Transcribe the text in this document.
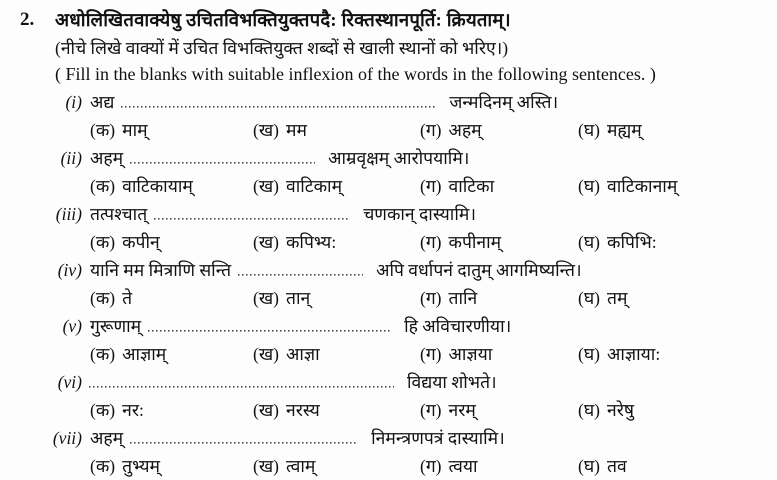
2. अधोलिखितवाक्येषु उचितविभक्तियुक्तपदै: रिक्तस्थानपूर्ति: क्रियताम्।
(नीचे लिखे वाक्यों में उचित विभक्तियुक्त शब्दों से खाली स्थानों को भरिए।)
( Fill in the blanks with suitable inflexion of the words in the following sentences. )
(i) अद्य	जन्मदिनम् अस्ति।
(क) माम्	(ख) मम	(ग) अहम्	(घ) मह्यम्
(ii) अहम्	आम्रवृक्षम् आरोपयामि।
(क) वाटिकायाम्	(ख) वाटिकाम्	(ग) वाटिका	(घ) वाटिकानाम्
(iii) तत्पश्चात्	चणकान् दास्यामि।
(क) कपीन्	(ख) कपिभ्य:	(ग) कपीनाम्	(घ) कपिभि:
(iv) यानि मम मित्राणि सन्ति	अपि वर्धापनं दातुम् आगमिष्यन्ति।
(क) ते	(ख) तान्	(ग) तानि	(घ) तम्
(v) गुरूणाम्	हि अविचारणीया।
(क) आज्ञाम्	(ख) आज्ञा	(ग) आज्ञया	(घ) आज्ञाया:
(vi)	विद्यया शोभते।
(क) नर:	(ख) नरस्य	(ग) नरम्	(घ) नरेषु
(vii) अहम्	निमन्त्रणपत्रं दास्यामि।
(क) तुभ्यम्	(ख) त्वाम्	(ग) त्वया	(घ) तव
